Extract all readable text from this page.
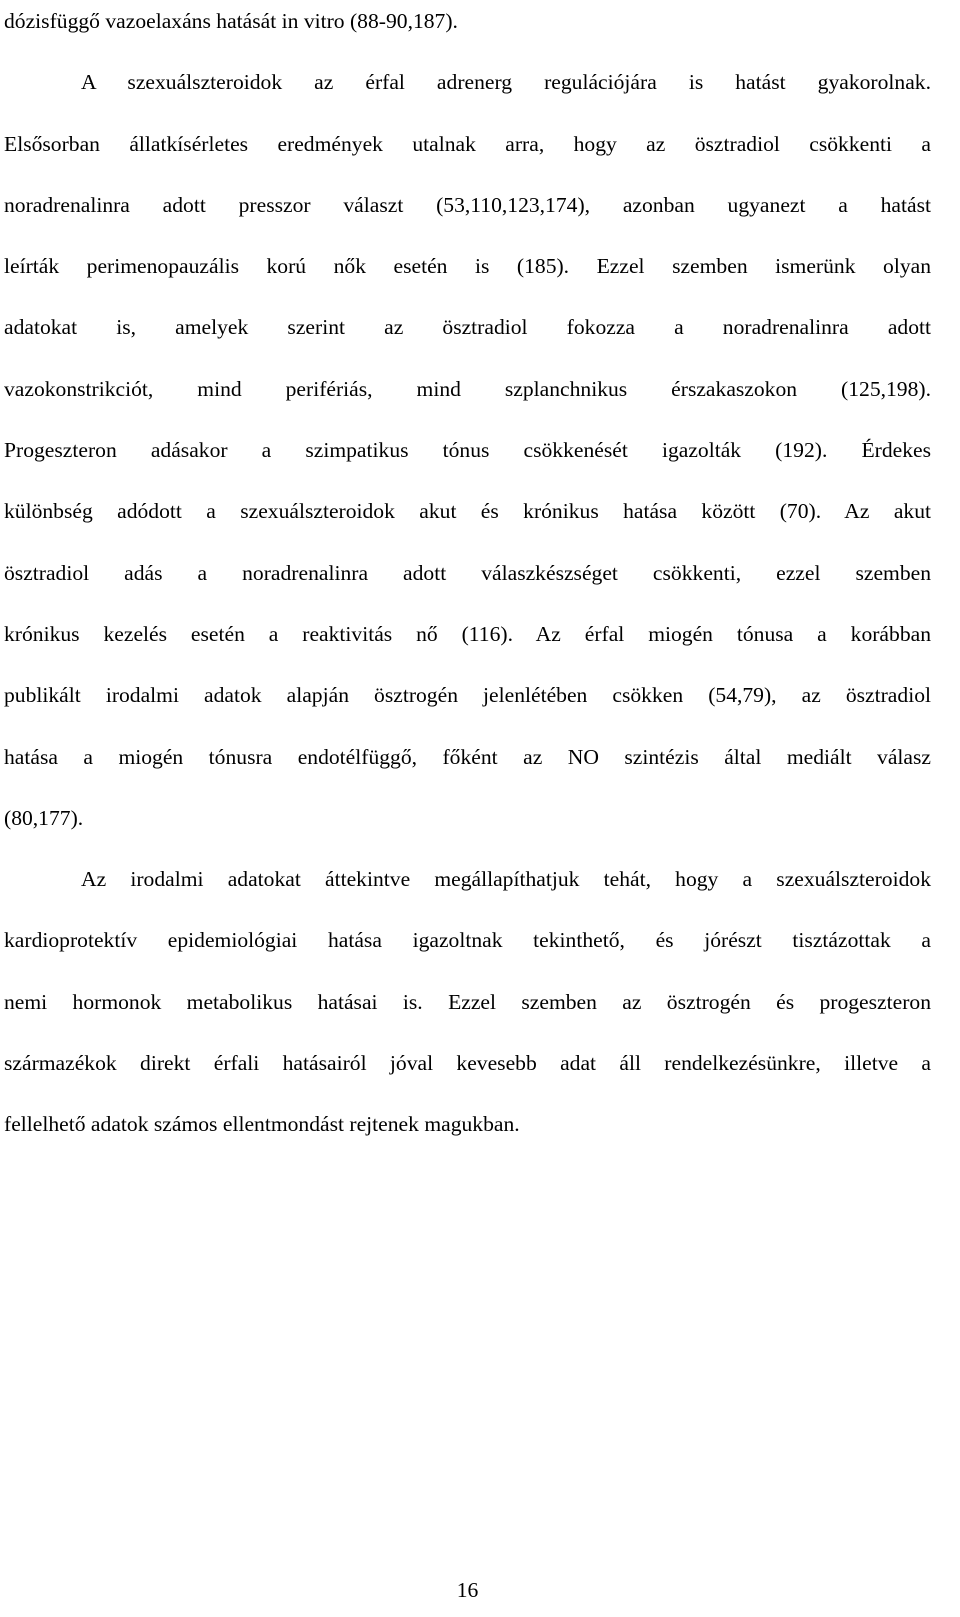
dózisfüggő vazoelaxáns hatását in vitro (88-90,187).
A szexuálszteroidok az érfal adrenerg regulációjára is hatást gyakorolnak.
Elsősorban állatkísérletes eredmények utalnak arra, hogy az ösztradiol csökkenti a
noradrenalinra adott presszor választ (53,110,123,174), azonban ugyanezt a hatást
leírták perimenopauzális korú nők esetén is (185). Ezzel szemben ismerünk olyan
adatokat is, amelyek szerint az ösztradiol fokozza a noradrenalinra adott
vazokonstrikciót, mind perifériás, mind szplanchnikus érszakaszokon (125,198).
Progeszteron adásakor a szimpatikus tónus csökkenését igazolták (192). Érdekes
különbség adódott a szexuálszteroidok akut és krónikus hatása között (70). Az akut
ösztradiol adás a noradrenalinra adott válaszkészséget csökkenti, ezzel szemben
krónikus kezelés esetén a reaktivitás nő (116). Az érfal miogén tónusa a korábban
publikált irodalmi adatok alapján ösztrogén jelenlétében csökken (54,79), az ösztradiol
hatása a miogén tónusra endotélfüggő, főként az NO szintézis által mediált válasz
(80,177).
Az irodalmi adatokat áttekintve megállapíthatjuk tehát, hogy a szexuálszteroidok
kardioprotektív epidemiológiai hatása igazoltnak tekinthető, és jórészt tisztázottak a
nemi hormonok metabolikus hatásai is. Ezzel szemben az ösztrogén és progeszteron
származékok direkt érfali hatásairól jóval kevesebb adat áll rendelkezésünkre, illetve a
fellelhető adatok számos ellentmondást rejtenek magukban.
16
